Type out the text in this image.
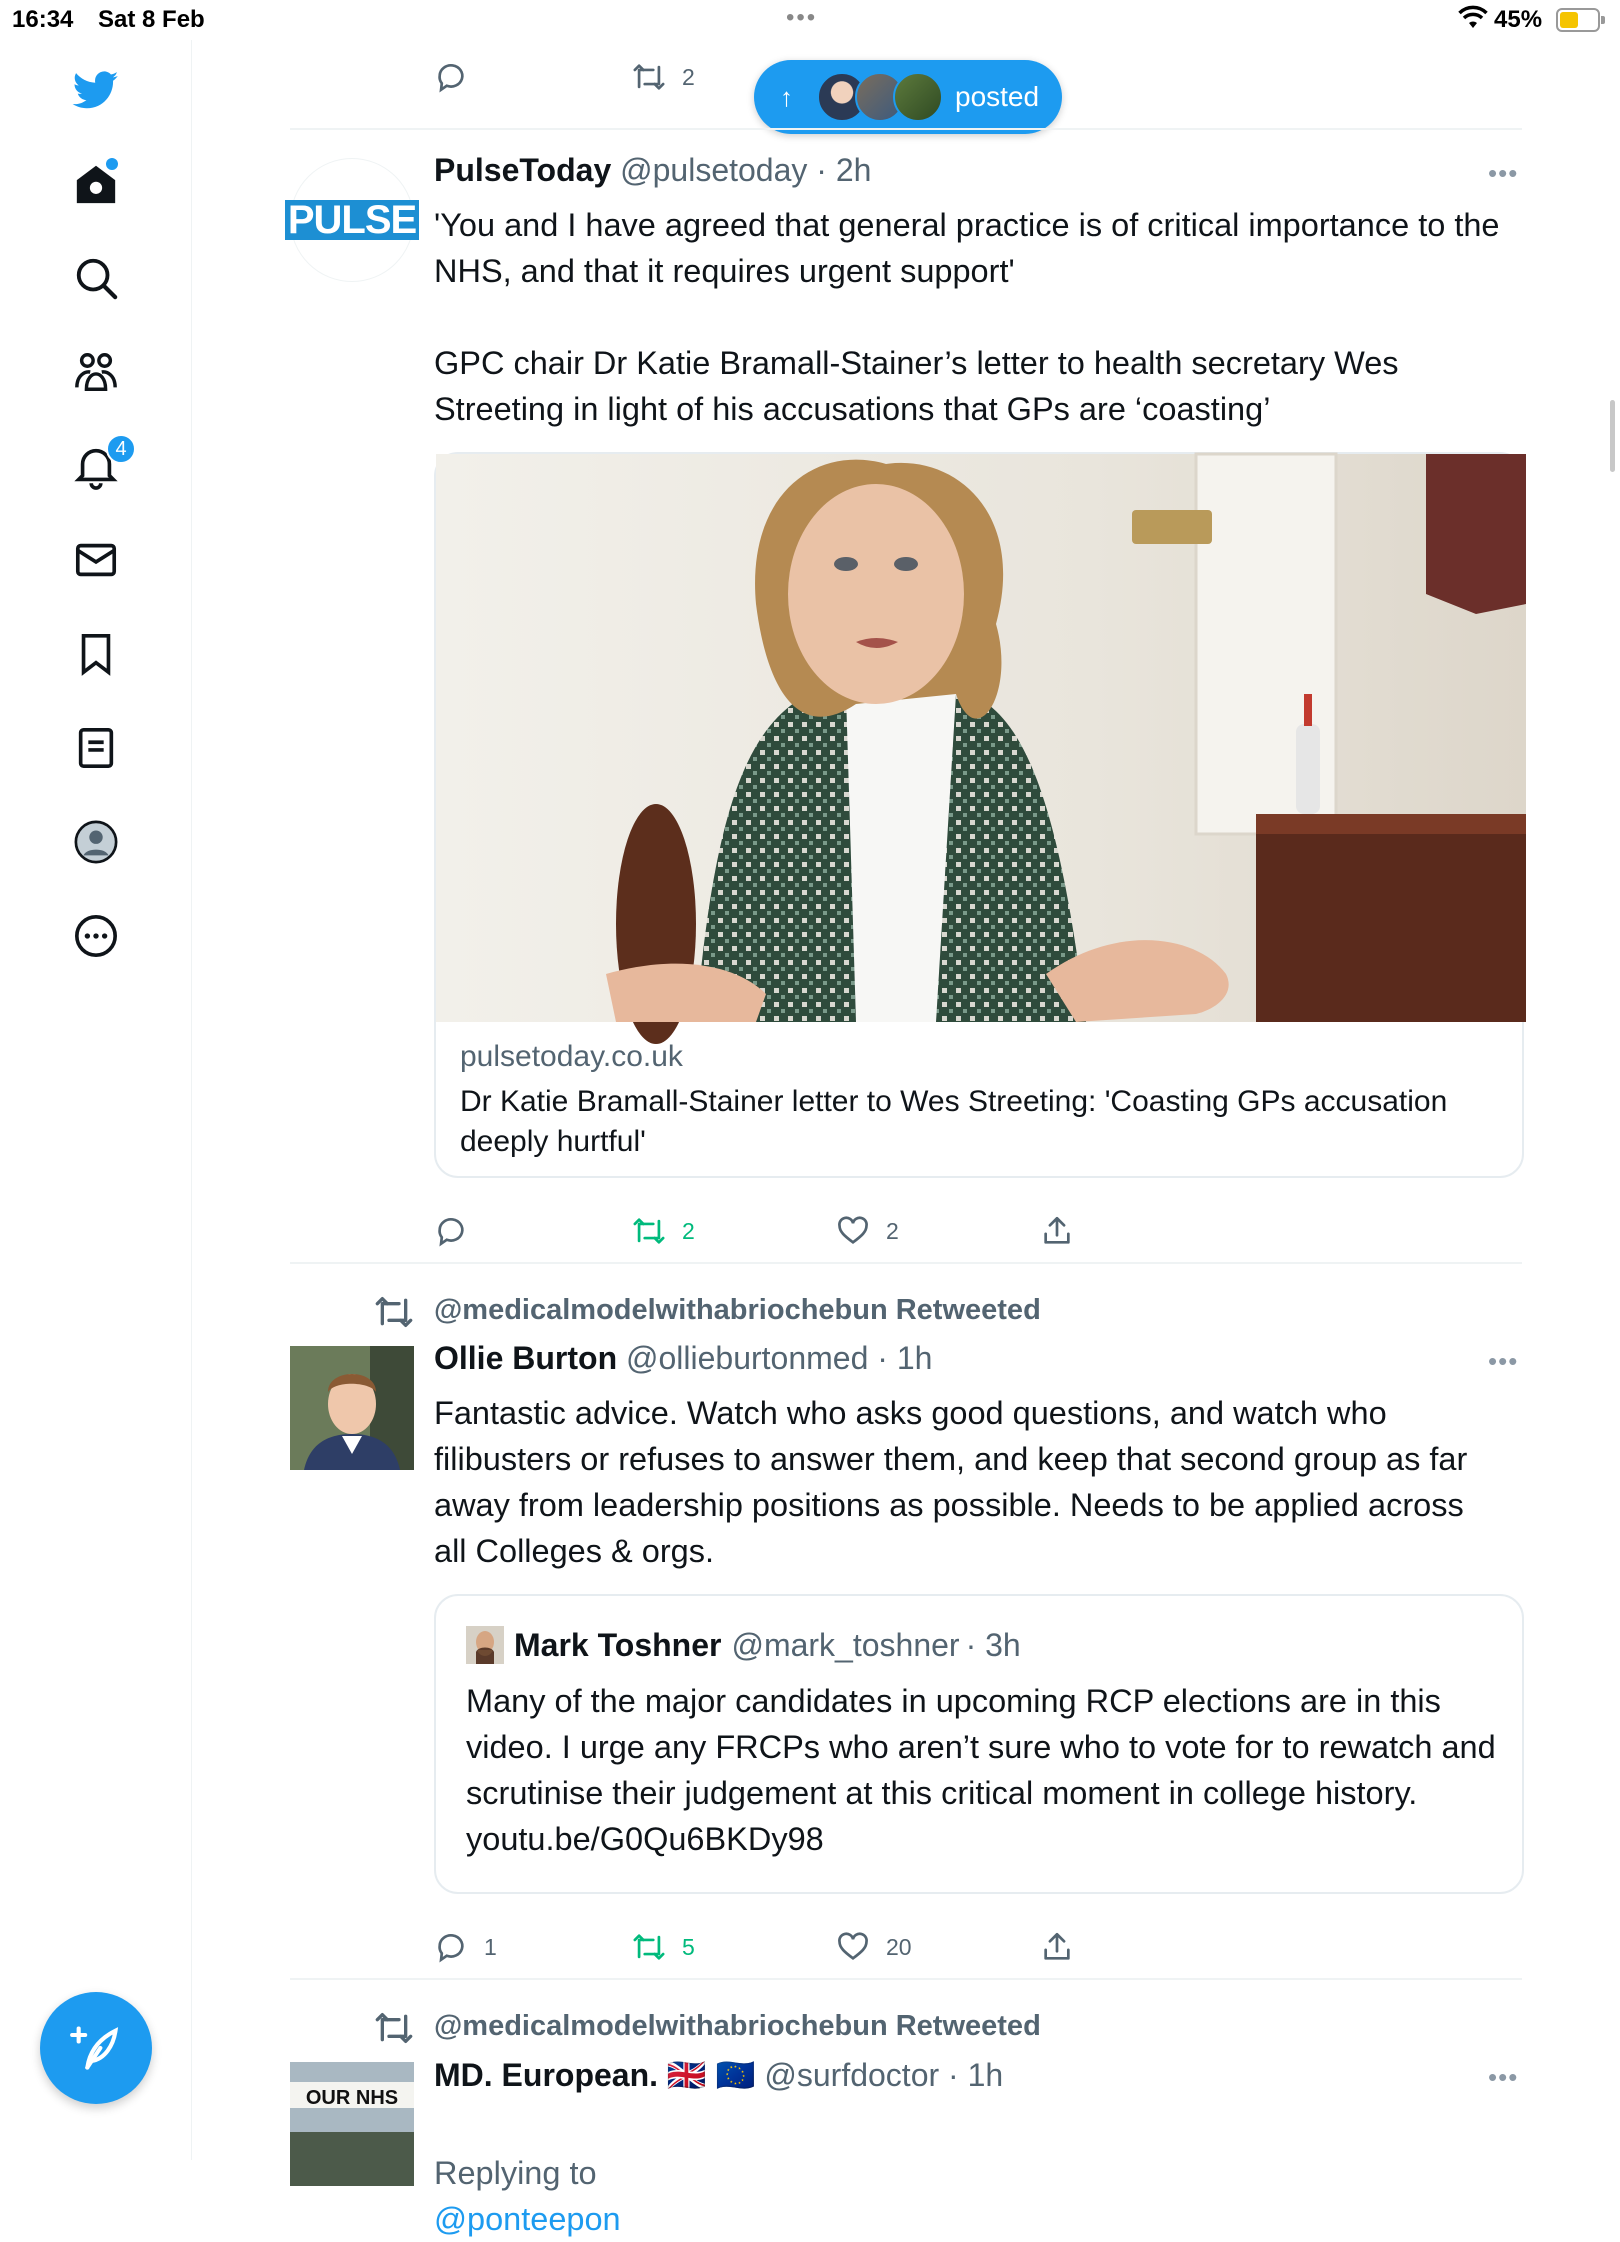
16:34 Sat 8 Feb	•••	45%
4
2
↑	posted
PULSE
PulseToday @pulsetoday · 2h	•••
'You and I have agreed that general practice is of critical importance to the NHS, and that it requires urgent support'

GPC chair Dr Katie Bramall-Stainer’s letter to health secretary Wes Streeting in light of his accusations that GPs are ‘coasting’
pulsetoday.co.uk
Dr Katie Bramall-Stainer letter to Wes Streeting: 'Coasting GPs accusation deeply hurtful'
2	2
@medicalmodelwithabriochebun Retweeted
Ollie Burton @ollieburtonmed · 1h	•••
Fantastic advice. Watch who asks good questions, and watch who filibusters or refuses to answer them, and keep that second group as far away from leadership positions as possible. Needs to be applied across all Colleges & orgs.
Mark Toshner @mark_toshner · 3h
Many of the major candidates in upcoming RCP elections are in this video. I urge any FRCPs who aren’t sure who to vote for to rewatch and scrutinise their judgement at this critical moment in college history. youtu.be/G0Qu6BKDy98
1	5	20
@medicalmodelwithabriochebun Retweeted
OUR NHS
MD. European. 🇬🇧 🇪🇺 @surfdoctor · 1h	•••

Replying to
@ponteepon
